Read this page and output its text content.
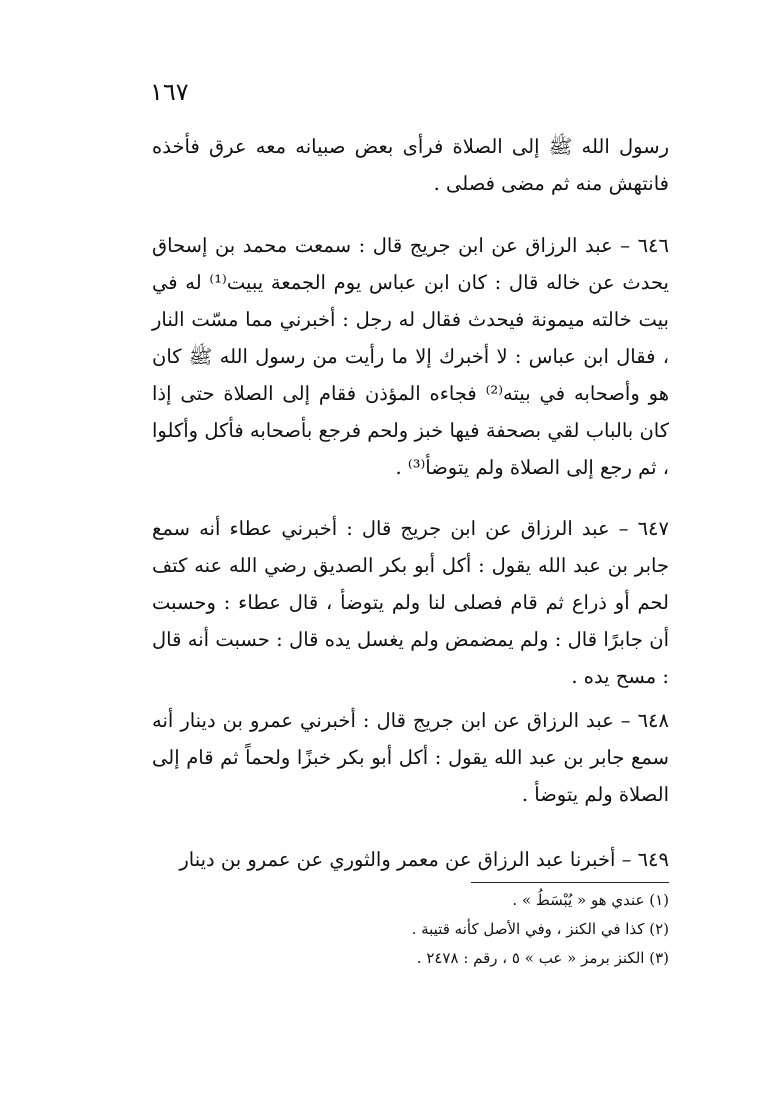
١٦٧

رسول الله ﷺ إلى الصلاة فرأى بعض صبيانه معه عرق فأخذه فانتهش منه ثم مضى فصلى .

٦٤٦ – عبد الرزاق عن ابن جريج قال : سمعت محمد بن إسحاق يحدث عن خاله قال : كان ابن عباس يوم الجمعة يبيت⁽¹⁾ له في بيت خالته ميمونة فيحدث فقال له رجل : أخبرني مما مسّت النار ، فقال ابن عباس : لا أخبرك إلا ما رأيت من رسول الله ﷺ كان هو وأصحابه في بيته⁽²⁾ فجاءه المؤذن فقام إلى الصلاة حتى إذا كان بالباب لقي بصحفة فيها خبز ولحم فرجع بأصحابه فأكل وأكلوا ، ثم رجع إلى الصلاة ولم يتوضأ⁽³⁾ .

٦٤٧ – عبد الرزاق عن ابن جريج قال : أخبرني عطاء أنه سمع جابر بن عبد الله يقول : أكل أبو بكر الصديق رضي الله عنه كتف لحم أو ذراع ثم قام فصلى لنا ولم يتوضأ ، قال عطاء : وحسبت أن جابرًا قال : ولم يمضمض ولم يغسل يده قال : حسبت أنه قال : مسح يده .

٦٤٨ – عبد الرزاق عن ابن جريج قال : أخبرني عمرو بن دينار أنه سمع جابر بن عبد الله يقول : أكل أبو بكر خبزًا ولحماً ثم قام إلى الصلاة ولم يتوضأ .

٦٤٩ – أخبرنا عبد الرزاق عن معمر والثوري عن عمرو بن دينار

(١) عندي هو « يُبْسَطُ » .
(٢) كذا في الكنز ، وفي الأصل كأنه قتيبة .
(٣) الكنز برمز « عب » ٥ ، رقم : ٢٤٧٨ .
